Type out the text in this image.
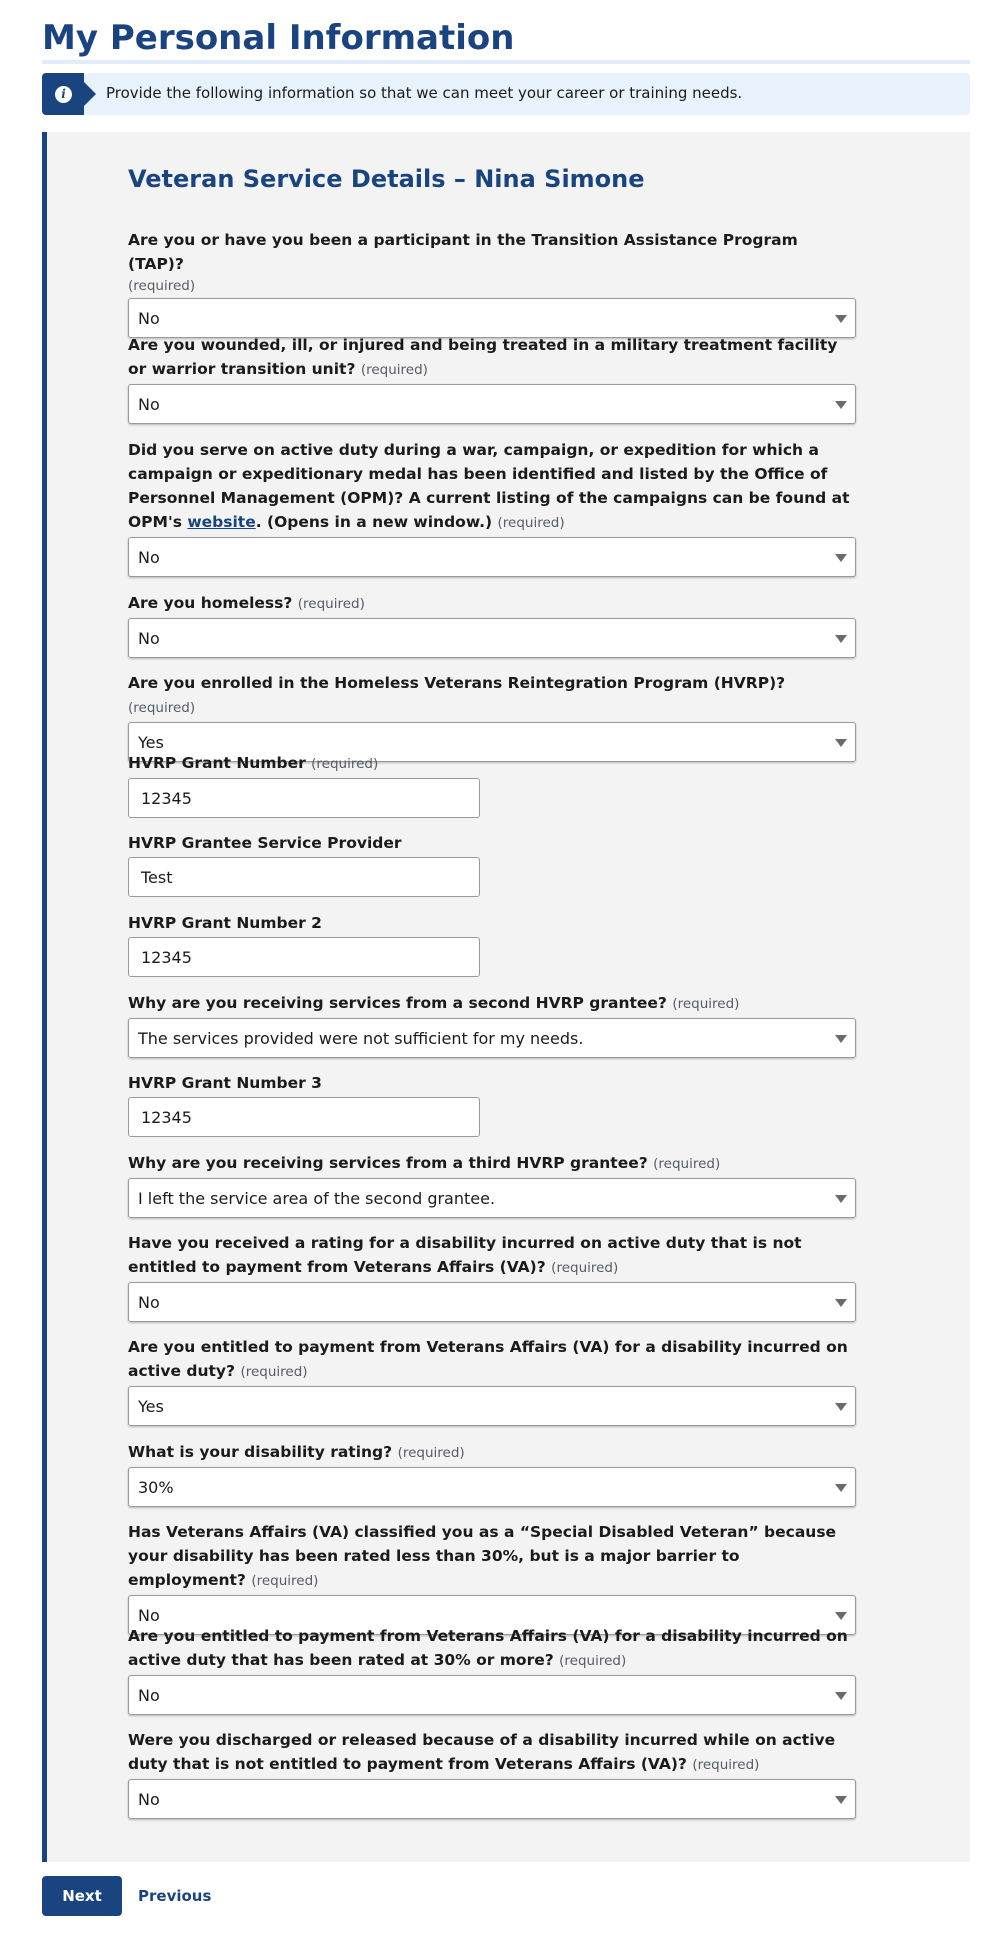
My Personal Information
i	Provide the following information so that we can meet your career or training needs.
Veteran Service Details – Nina Simone
Are you or have you been a participant in the Transition Assistance Program (TAP)?
(required)
No
Are you wounded, ill, or injured and being treated in a military treatment facility or warrior transition unit? (required)
No
Did you serve on active duty during a war, campaign, or expedition for which a campaign or expeditionary medal has been identified and listed by the Office of Personnel Management (OPM)? A current listing of the campaigns can be found at OPM's website. (Opens in a new window.) (required)
No
Are you homeless? (required)
No
Are you enrolled in the Homeless Veterans Reintegration Program (HVRP)? (required)
Yes
HVRP Grant Number (required)
12345
HVRP Grantee Service Provider
Test
HVRP Grant Number 2
12345
Why are you receiving services from a second HVRP grantee? (required)
The services provided were not sufficient for my needs.
HVRP Grant Number 3
12345
Why are you receiving services from a third HVRP grantee? (required)
I left the service area of the second grantee.
Have you received a rating for a disability incurred on active duty that is not entitled to payment from Veterans Affairs (VA)? (required)
No
Are you entitled to payment from Veterans Affairs (VA) for a disability incurred on active duty? (required)
Yes
What is your disability rating? (required)
30%
Has Veterans Affairs (VA) classified you as a “Special Disabled Veteran” because your disability has been rated less than 30%, but is a major barrier to employment? (required)
No
Are you entitled to payment from Veterans Affairs (VA) for a disability incurred on active duty that has been rated at 30% or more? (required)
No
Were you discharged or released because of a disability incurred while on active duty that is not entitled to payment from Veterans Affairs (VA)? (required)
No
Next	Previous
